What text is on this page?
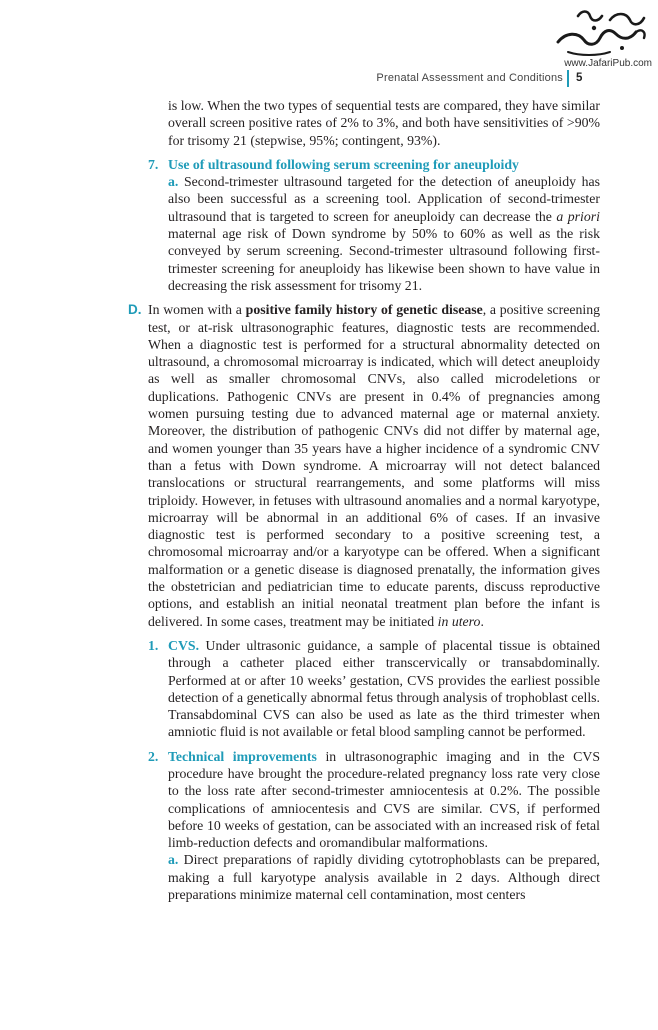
www.JafariPub.com
Prenatal Assessment and Conditions 5

is low. When the two types of sequential tests are compared, they have similar overall screen positive rates of 2% to 3%, and both have sensitivities of >90% for trisomy 21 (stepwise, 95%; contingent, 93%).

7. Use of ultrasound following serum screening for aneuploidy
a. Second-trimester ultrasound targeted for the detection of aneuploidy has also been successful as a screening tool. Application of second-trimester ultrasound that is targeted to screen for aneuploidy can decrease the a priori maternal age risk of Down syndrome by 50% to 60% as well as the risk conveyed by serum screening. Second-trimester ultrasound following first-trimester screening for aneuploidy has likewise been shown to have value in decreasing the risk assessment for trisomy 21.
D. In women with a positive family history of genetic disease, a positive screening test, or at-risk ultrasonographic features, diagnostic tests are recommended. When a diagnostic test is performed for a structural abnormality detected on ultrasound, a chromosomal microarray is indicated, which will detect aneuploidy as well as smaller chromosomal CNVs, also called microdeletions or duplications. Pathogenic CNVs are present in 0.4% of pregnancies among women pursuing testing due to advanced maternal age or maternal anxiety. Moreover, the distribution of pathogenic CNVs did not differ by maternal age, and women younger than 35 years have a higher incidence of a syndromic CNV than a fetus with Down syndrome. A microarray will not detect balanced translocations or structural rearrangements, and some platforms will miss triploidy. However, in fetuses with ultrasound anomalies and a normal karyotype, microarray will be abnormal in an additional 6% of cases. If an invasive diagnostic test is performed secondary to a positive screening test, a chromosomal microarray and/or a karyotype can be offered. When a significant malformation or a genetic disease is diagnosed prenatally, the information gives the obstetrician and pediatrician time to educate parents, discuss reproductive options, and establish an initial neonatal treatment plan before the infant is delivered. In some cases, treatment may be initiated in utero.
1. CVS. Under ultrasonic guidance, a sample of placental tissue is obtained through a catheter placed either transcervically or transabdominally. Performed at or after 10 weeks’ gestation, CVS provides the earliest possible detection of a genetically abnormal fetus through analysis of trophoblast cells. Transabdominal CVS can also be used as late as the third trimester when amniotic fluid is not available or fetal blood sampling cannot be performed.
2. Technical improvements in ultrasonographic imaging and in the CVS procedure have brought the procedure-related pregnancy loss rate very close to the loss rate after second-trimester amniocentesis at 0.2%. The possible complications of amniocentesis and CVS are similar. CVS, if performed before 10 weeks of gestation, can be associated with an increased risk of fetal limb-reduction defects and oromandibular malformations.
a. Direct preparations of rapidly dividing cytotrophoblasts can be prepared, making a full karyotype analysis available in 2 days. Although direct preparations minimize maternal cell contamination, most centers
